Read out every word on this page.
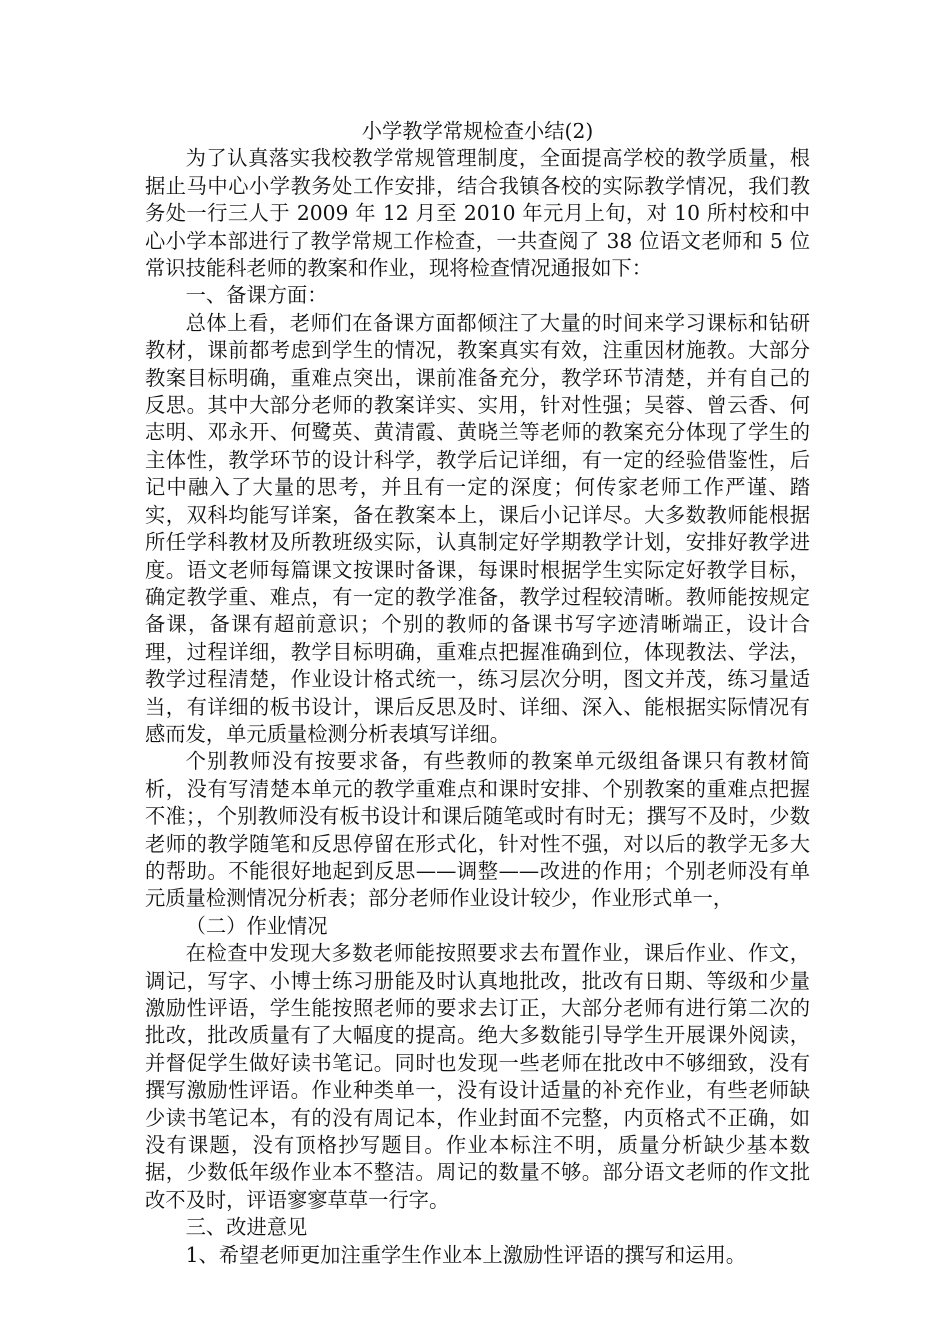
小学教学常规检查小结(2)

为了认真落实我校教学常规管理制度，全面提高学校的教学质量，根据止马中心小学教务处工作安排，结合我镇各校的实际教学情况，我们教务处一行三人于 2009 年 12 月至 2010 年元月上旬，对 10 所村校和中心小学本部进行了教学常规工作检查，一共查阅了 38 位语文老师和 5 位常识技能科老师的教案和作业，现将检查情况通报如下：

一、备课方面：

总体上看，老师们在备课方面都倾注了大量的时间来学习课标和钻研教材，课前都考虑到学生的情况，教案真实有效，注重因材施教。大部分教案目标明确，重难点突出，课前准备充分，教学环节清楚，并有自己的反思。其中大部分老师的教案详实、实用，针对性强；吴蓉、曾云香、何志明、邓永开、何鹭英、黄清霞、黄晓兰等老师的教案充分体现了学生的主体性，教学环节的设计科学，教学后记详细，有一定的经验借鉴性，后记中融入了大量的思考，并且有一定的深度；何传家老师工作严谨、踏实，双科均能写详案，备在教案本上，课后小记详尽。大多数教师能根据所任学科教材及所教班级实际，认真制定好学期教学计划，安排好教学进度。语文老师每篇课文按课时备课，每课时根据学生实际定好教学目标，确定教学重、难点，有一定的教学准备，教学过程较清晰。教师能按规定备课，备课有超前意识；个别的教师的备课书写字迹清晰端正，设计合理，过程详细，教学目标明确，重难点把握准确到位，体现教法、学法，教学过程清楚，作业设计格式统一，练习层次分明，图文并茂，练习量适当，有详细的板书设计，课后反思及时、详细、深入、能根据实际情况有感而发，单元质量检测分析表填写详细。

个别教师没有按要求备，有些教师的教案单元级组备课只有教材简析，没有写清楚本单元的教学重难点和课时安排、个别教案的重难点把握不准；，个别教师没有板书设计和课后随笔或时有时无；撰写不及时，少数老师的教学随笔和反思停留在形式化，针对性不强，对以后的教学无多大的帮助。不能很好地起到反思——调整——改进的作用；个别老师没有单元质量检测情况分析表；部分老师作业设计较少，作业形式单一，

（二）作业情况

在检查中发现大多数老师能按照要求去布置作业，课后作业、作文，调记，写字、小博士练习册能及时认真地批改，批改有日期、等级和少量激励性评语，学生能按照老师的要求去订正，大部分老师有进行第二次的批改，批改质量有了大幅度的提高。绝大多数能引导学生开展课外阅读，并督促学生做好读书笔记。同时也发现一些老师在批改中不够细致，没有撰写激励性评语。作业种类单一，没有设计适量的补充作业，有些老师缺少读书笔记本，有的没有周记本，作业封面不完整，内页格式不正确，如没有课题，没有顶格抄写题目。作业本标注不明，质量分析缺少基本数据，少数低年级作业本不整洁。周记的数量不够。部分语文老师的作文批改不及时，评语寥寥草草一行字。

三、改进意见

1、希望老师更加注重学生作业本上激励性评语的撰写和运用。
